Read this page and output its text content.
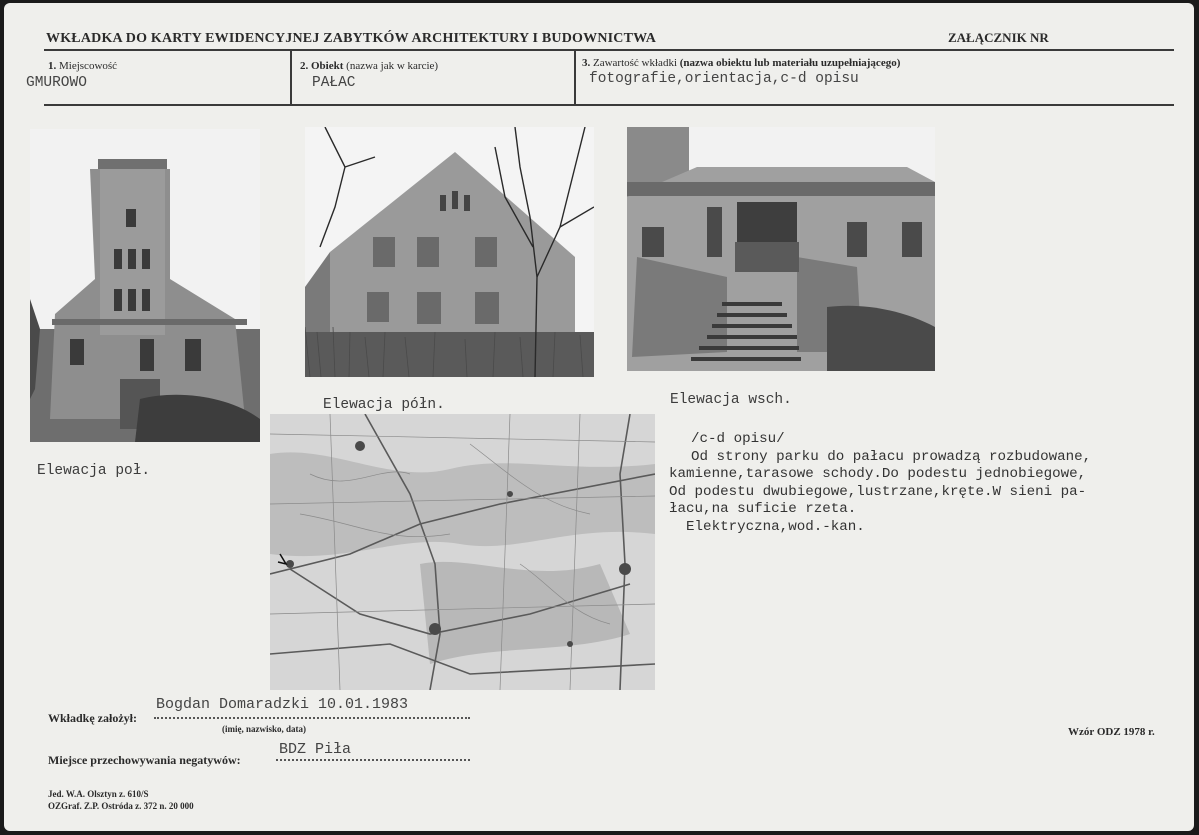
WKŁADKA DO KARTY EWIDENCYJNEJ ZABYTKÓW ARCHITEKTURY I BUDOWNICTWA	ZAŁĄCZNIK NR
1. Miejscowość
GMUROWO
2. Obiekt (nazwa jak w karcie)
PAŁAC
3. Zawartość wkładki (nazwa obiektu lub materiału uzupełniającego)
fotografie,orientacja,c-d opisu
Elewacja poł.
Elewacja półn.	Elewacja wsch.
/c-d opisu/
Od strony parku do pałacu prowadzą rozbudowane,
kamienne,tarasowe schody.Do podestu jednobiegowe,
Od podestu dwubiegowe,lustrzane,kręte.W sieni pa-
łacu,na suficie rzeta.
Elektryczna,wod.-kan.
Wkładkę założył:
Bogdan Domaradzki 10.01.1983
(imię, nazwisko, data)
Miejsce przechowywania negatywów:
BDZ Piła
Wzór ODZ 1978 r.
Jed. W.A. Olsztyn z. 610/S
OZGraf. Z.P. Ostróda z. 372 n. 20 000
